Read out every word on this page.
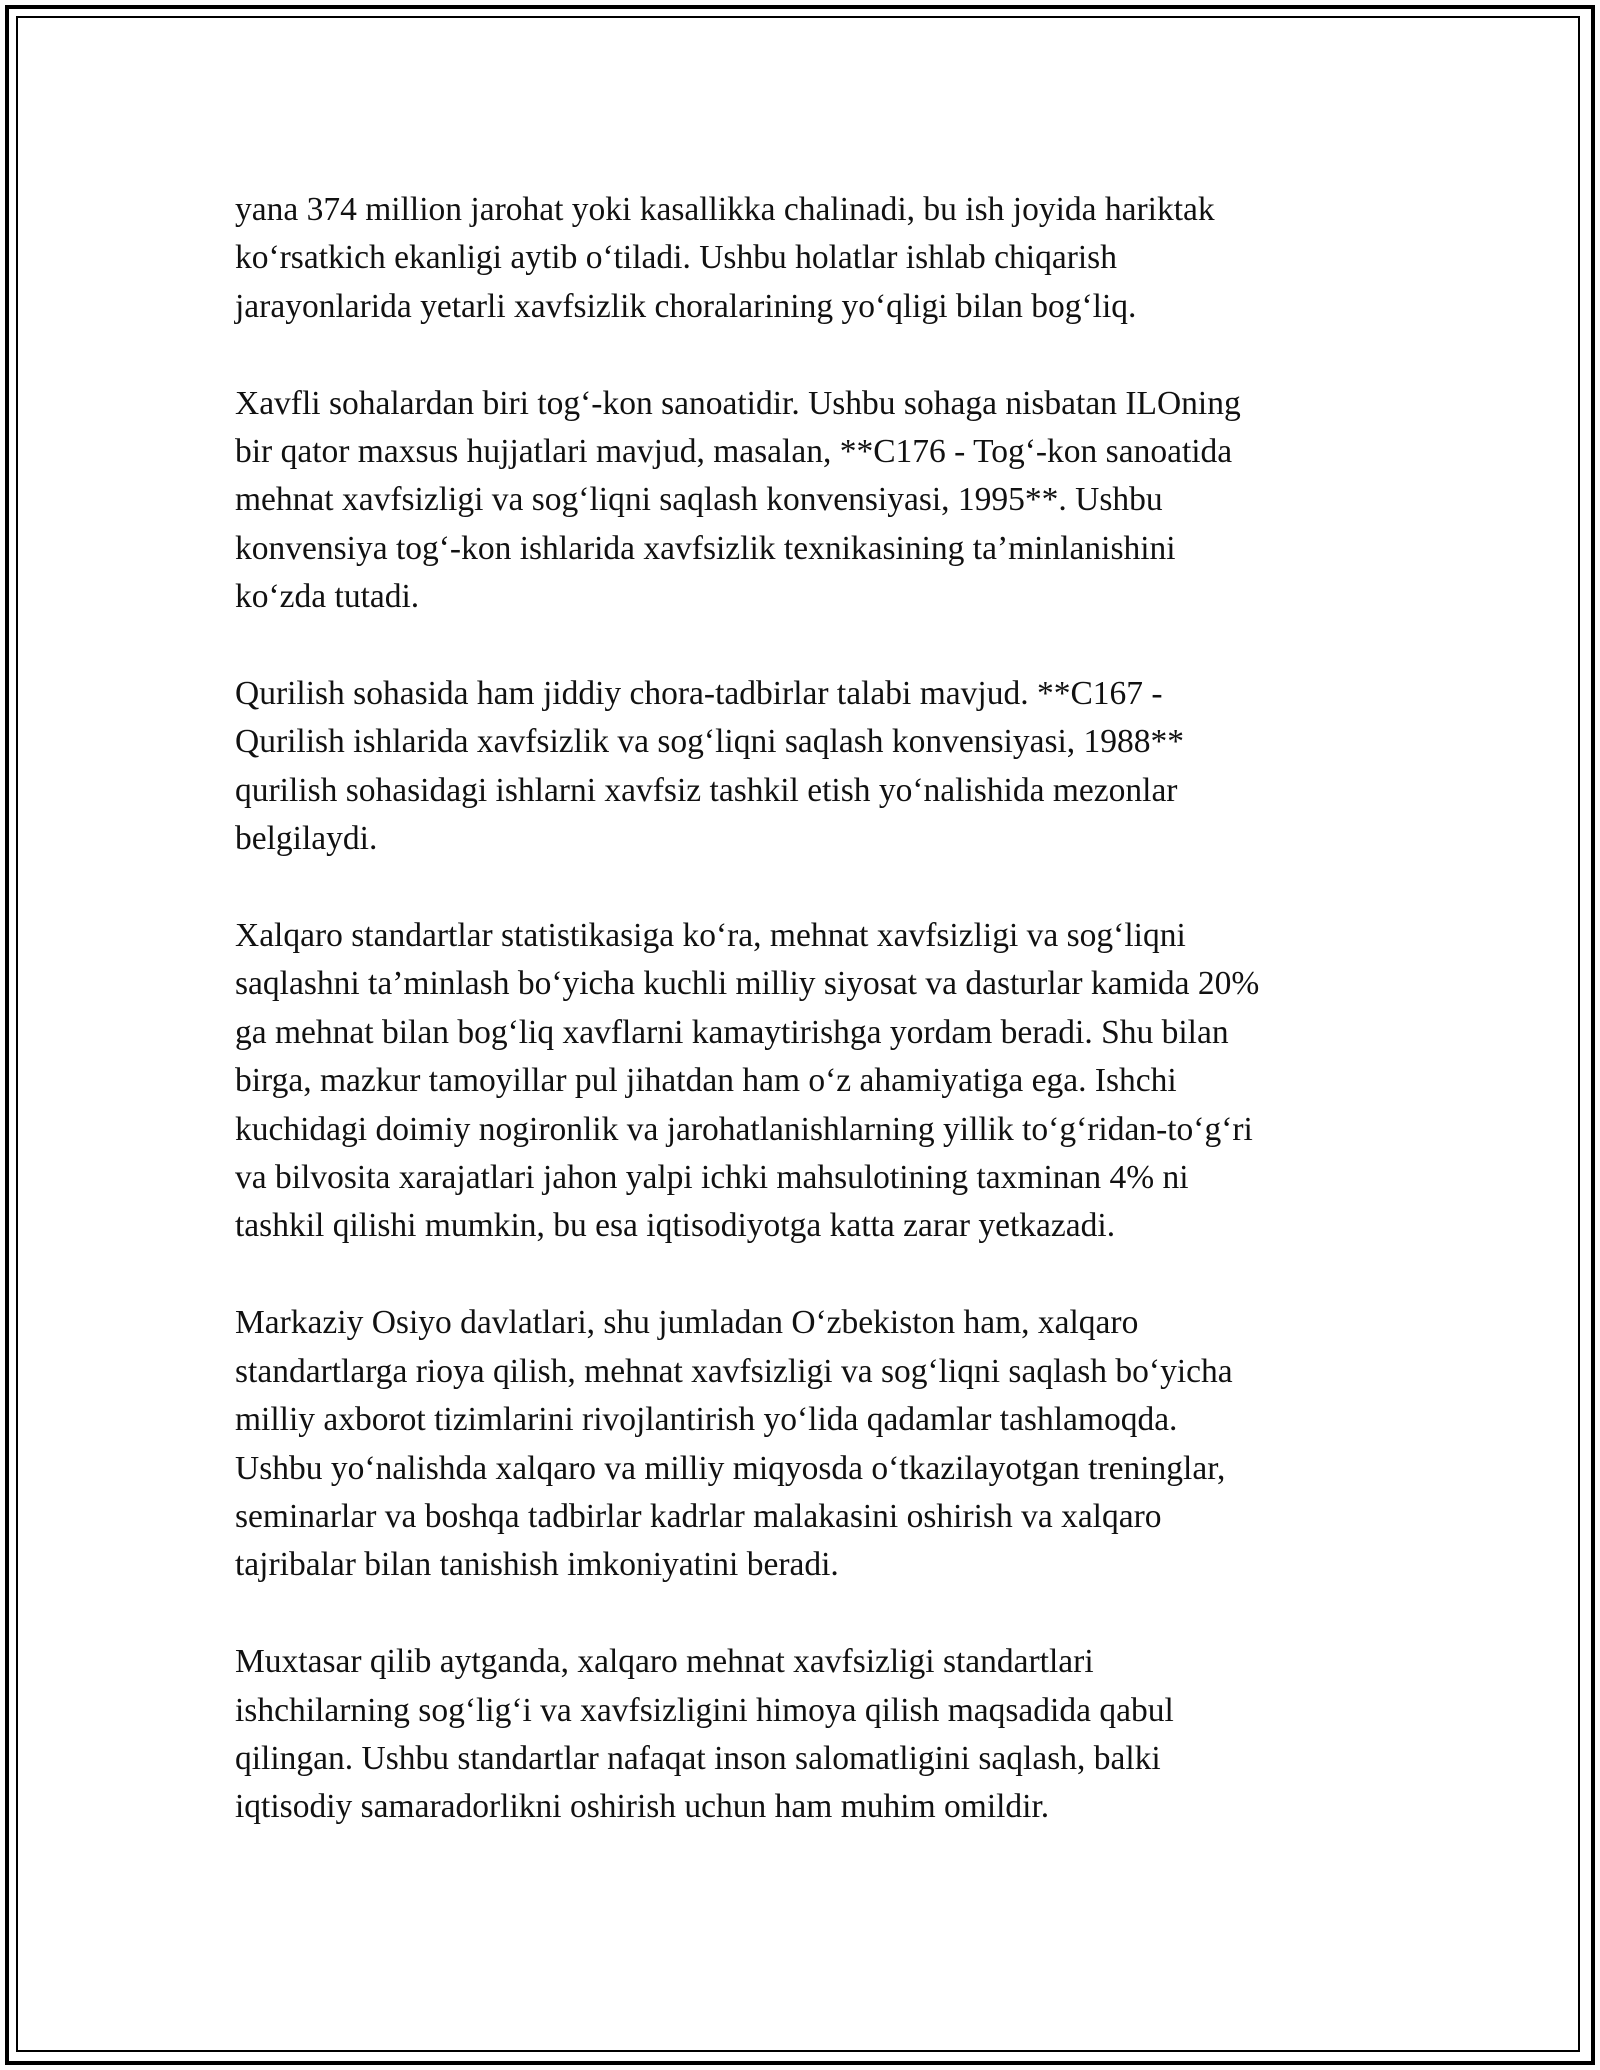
yana 374 million jarohat yoki kasallikka chalinadi, bu ish joyida hariktak
ko‘rsatkich ekanligi aytib o‘tiladi. Ushbu holatlar ishlab chiqarish
jarayonlarida yetarli xavfsizlik choralarining yo‘qligi bilan bog‘liq.

Xavfli sohalardan biri tog‘-kon sanoatidir. Ushbu sohaga nisbatan ILOning
bir qator maxsus hujjatlari mavjud, masalan, **C176 - Tog‘-kon sanoatida
mehnat xavfsizligi va sog‘liqni saqlash konvensiyasi, 1995**. Ushbu
konvensiya tog‘-kon ishlarida xavfsizlik texnikasining ta’minlanishini
ko‘zda tutadi.

Qurilish sohasida ham jiddiy chora-tadbirlar talabi mavjud. **C167 -
Qurilish ishlarida xavfsizlik va sog‘liqni saqlash konvensiyasi, 1988**
qurilish sohasidagi ishlarni xavfsiz tashkil etish yo‘nalishida mezonlar
belgilaydi.

Xalqaro standartlar statistikasiga ko‘ra, mehnat xavfsizligi va sog‘liqni
saqlashni ta’minlash bo‘yicha kuchli milliy siyosat va dasturlar kamida 20%
ga mehnat bilan bog‘liq xavflarni kamaytirishga yordam beradi. Shu bilan
birga, mazkur tamoyillar pul jihatdan ham o‘z ahamiyatiga ega. Ishchi
kuchidagi doimiy nogironlik va jarohatlanishlarning yillik to‘g‘ridan-to‘g‘ri
va bilvosita xarajatlari jahon yalpi ichki mahsulotining taxminan 4% ni
tashkil qilishi mumkin, bu esa iqtisodiyotga katta zarar yetkazadi.

Markaziy Osiyo davlatlari, shu jumladan O‘zbekiston ham, xalqaro
standartlarga rioya qilish, mehnat xavfsizligi va sog‘liqni saqlash bo‘yicha
milliy axborot tizimlarini rivojlantirish yo‘lida qadamlar tashlamoqda.
Ushbu yo‘nalishda xalqaro va milliy miqyosda o‘tkazilayotgan treninglar,
seminarlar va boshqa tadbirlar kadrlar malakasini oshirish va xalqaro
tajribalar bilan tanishish imkoniyatini beradi.

Muxtasar qilib aytganda, xalqaro mehnat xavfsizligi standartlari
ishchilarning sog‘lig‘i va xavfsizligini himoya qilish maqsadida qabul
qilingan. Ushbu standartlar nafaqat inson salomatligini saqlash, balki
iqtisodiy samaradorlikni oshirish uchun ham muhim omildir.
